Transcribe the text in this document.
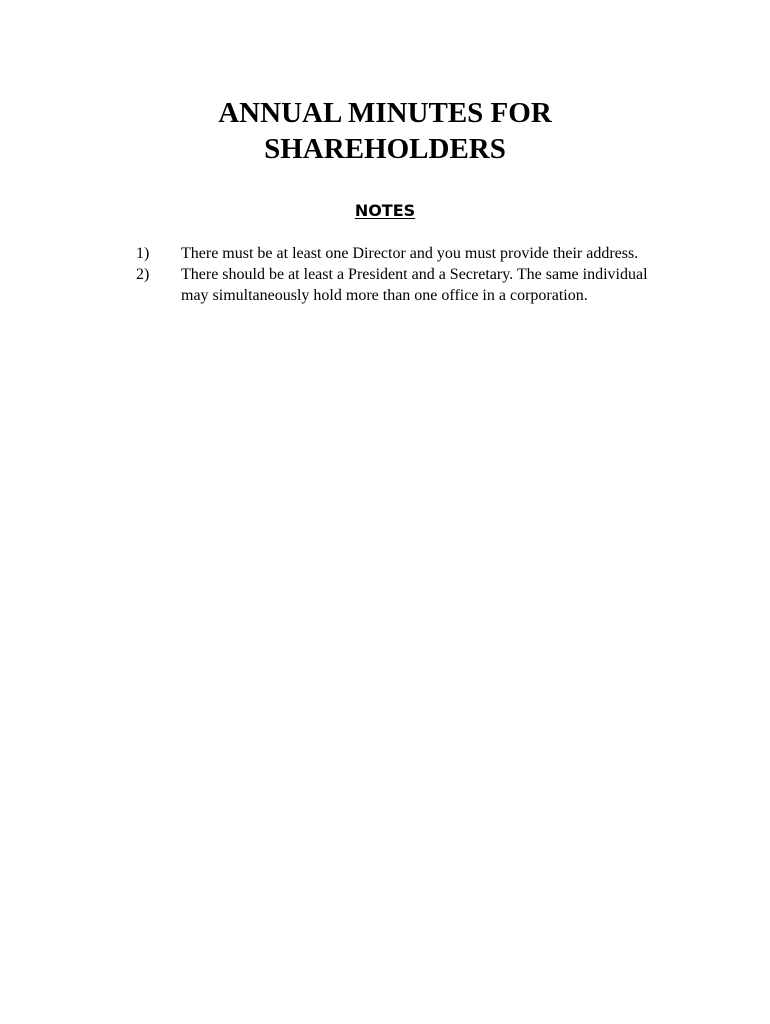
ANNUAL MINUTES FOR
SHAREHOLDERS
NOTES
1) There must be at least one Director and you must provide their address.
2) There should be at least a President and a Secretary. The same individual may simultaneously hold more than one office in a corporation.
